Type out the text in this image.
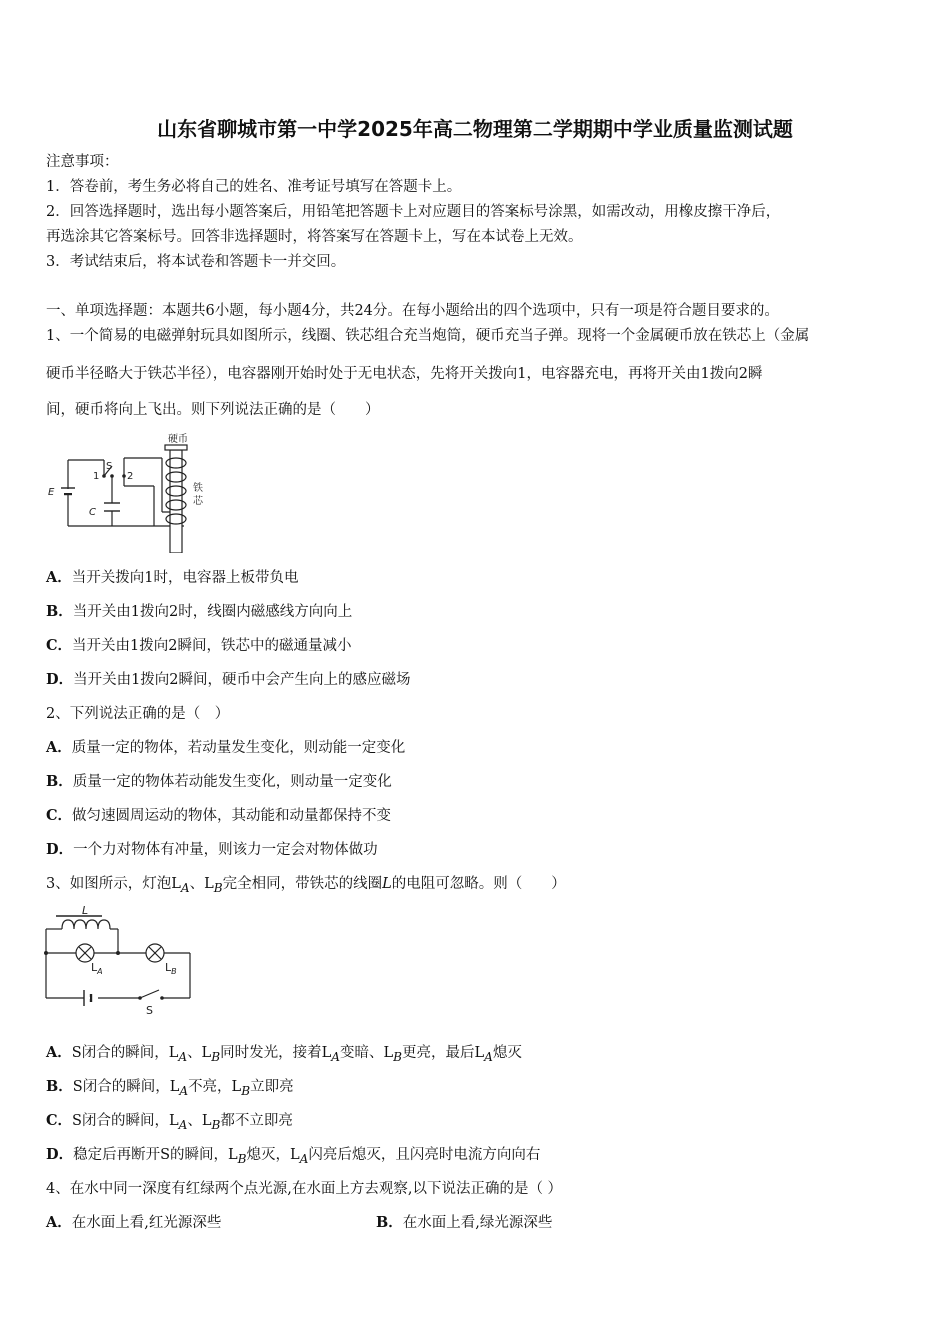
山东省聊城市第一中学2025年高二物理第二学期期中学业质量监测试题
注意事项：
1．答卷前，考生务必将自己的姓名、准考证号填写在答题卡上。
2．回答选择题时，选出每小题答案后，用铅笔把答题卡上对应题目的答案标号涂黑，如需改动，用橡皮擦干净后，
再选涂其它答案标号。回答非选择题时，将答案写在答题卡上，写在本试卷上无效。
3．考试结束后，将本试卷和答题卡一并交回。
一、单项选择题：本题共6小题，每小题4分，共24分。在每小题给出的四个选项中，只有一项是符合题目要求的。
1、一个简易的电磁弹射玩具如图所示，线圈、铁芯组合充当炮筒，硬币充当子弹。现将一个金属硬币放在铁芯上（金属
硬币半径略大于铁芯半径），电容器刚开始时处于无电状态，先将开关拨向1，电容器充电，再将开关由1拨向2瞬
间，硬币将向上飞出。则下列说法正确的是（　　）
硬币
铁
芯
S
1	2
E
C
A．当开关拨向1时，电容器上板带负电
B．当开关由1拨向2时，线圈内磁感线方向向上
C．当开关由1拨向2瞬间，铁芯中的磁通量减小
D．当开关由1拨向2瞬间，硬币中会产生向上的感应磁场
2、下列说法正确的是（　）
A．质量一定的物体，若动量发生变化，则动能一定变化
B．质量一定的物体若动能发生变化，则动量一定变化
C．做匀速圆周运动的物体，其动能和动量都保持不变
D．一个力对物体有冲量，则该力一定会对物体做功
3、如图所示，灯泡$L_A$、$L_B$完全相同，带铁芯的线圈L的电阻可忽略。则（　　）
L
$L_A$	$L_B$
S
A．S闭合的瞬间，$L_A$、$L_B$同时发光，接着$L_A$变暗、$L_B$更亮，最后$L_A$熄灭
B．S闭合的瞬间，$L_A$不亮，$L_B$立即亮
C．S闭合的瞬间，$L_A$、$L_B$都不立即亮
D．稳定后再断开S的瞬间，$L_B$熄灭，$L_A$闪亮后熄灭，且闪亮时电流方向向右
4、在水中同一深度有红绿两个点光源,在水面上方去观察,以下说法正确的是（ ）
A．在水面上看,红光源深些	B．在水面上看,绿光源深些
